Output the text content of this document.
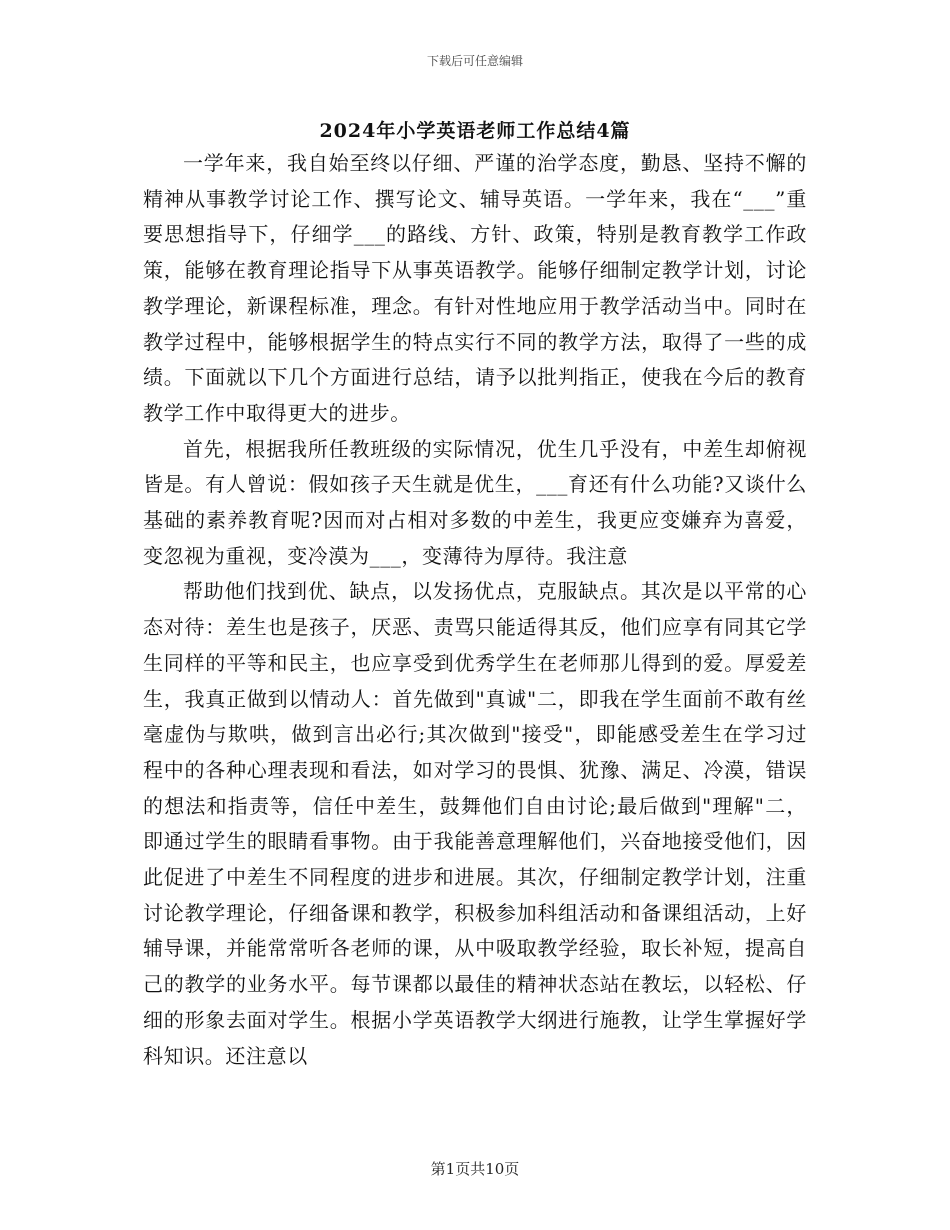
下载后可任意编辑
2024年小学英语老师工作总结4篇

一学年来，我自始至终以仔细、严谨的治学态度，勤恳、坚持不懈的精神从事教学讨论工作、撰写论文、辅导英语。一学年来，我在“___”重要思想指导下，仔细学___的路线、方针、政策，特别是教育教学工作政策，能够在教育理论指导下从事英语教学。能够仔细制定教学计划，讨论教学理论，新课程标准，理念。有针对性地应用于教学活动当中。同时在教学过程中，能够根据学生的特点实行不同的教学方法，取得了一些的成绩。下面就以下几个方面进行总结，请予以批判指正，使我在今后的教育教学工作中取得更大的进步。

首先，根据我所任教班级的实际情况，优生几乎没有，中差生却俯视皆是。有人曾说：假如孩子天生就是优生，___育还有什么功能?又谈什么基础的素养教育呢?因而对占相对多数的中差生，我更应变嫌弃为喜爱，变忽视为重视，变冷漠为___，变薄待为厚待。我注意

帮助他们找到优、缺点，以发扬优点，克服缺点。其次是以平常的心态对待：差生也是孩子，厌恶、责骂只能适得其反，他们应享有同其它学生同样的平等和民主，也应享受到优秀学生在老师那儿得到的爱。厚爱差生，我真正做到以情动人：首先做到"真诚"二，即我在学生面前不敢有丝毫虚伪与欺哄，做到言出必行;其次做到"接受"，即能感受差生在学习过程中的各种心理表现和看法，如对学习的畏惧、犹豫、满足、冷漠，错误的想法和指责等，信任中差生，鼓舞他们自由讨论;最后做到"理解"二，即通过学生的眼睛看事物。由于我能善意理解他们，兴奋地接受他们，因此促进了中差生不同程度的进步和进展。其次，仔细制定教学计划，注重讨论教学理论，仔细备课和教学，积极参加科组活动和备课组活动，上好辅导课，并能常常听各老师的课，从中吸取教学经验，取长补短，提高自己的教学的业务水平。每节课都以最佳的精神状态站在教坛，以轻松、仔细的形象去面对学生。根据小学英语教学大纲进行施教，让学生掌握好学科知识。还注意以

第1页共10页
